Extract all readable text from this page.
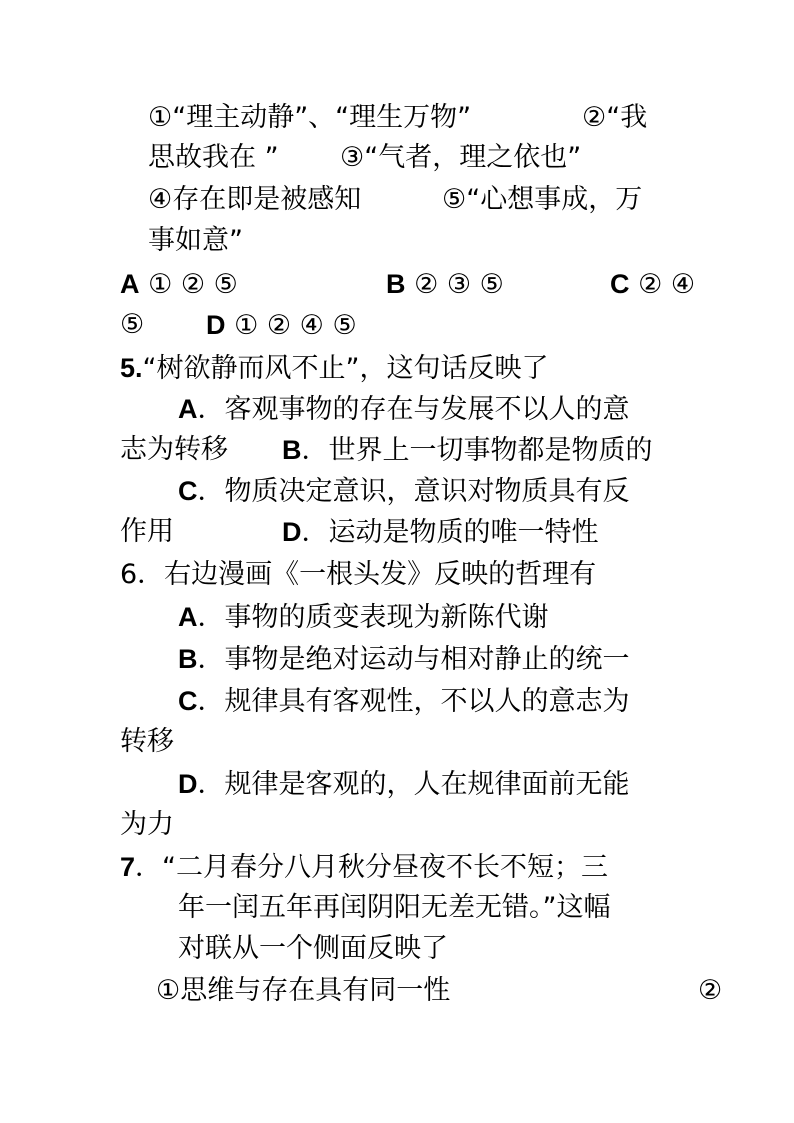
①“理主动静”、“理生万物”	②“我
思故我在 ” ③“气者，理之依也”
④存在即是被感知	⑤“心想事成，万
事如意”
A ① ② ⑤	B ② ③ ⑤	C ② ④
⑤ D ① ② ④ ⑤
5.“树欲静而风不止”，这句话反映了
A．客观事物的存在与发展不以人的意
志为转移 B．世界上一切事物都是物质的
C．物质决定意识，意识对物质具有反
作用	D．运动是物质的唯一特性
6．右边漫画《一根头发》反映的哲理有
A．事物的质变表现为新陈代谢
B．事物是绝对运动与相对静止的统一
C．规律具有客观性，不以人的意志为
转移
D．规律是客观的，人在规律面前无能
为力
7．“二月春分八月秋分昼夜不长不短；三
年一闰五年再闰阴阳无差无错。”这幅
对联从一个侧面反映了
①思维与存在具有同一性	②
